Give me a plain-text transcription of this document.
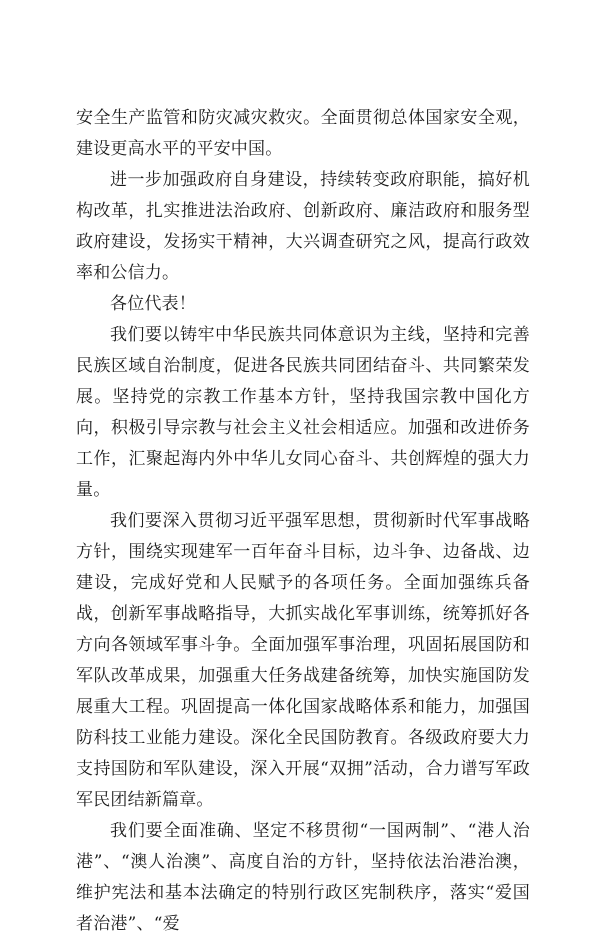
安全生产监管和防灾减灾救灾。全面贯彻总体国家安全观，建设更高水平的平安中国。

进一步加强政府自身建设，持续转变政府职能，搞好机构改革，扎实推进法治政府、创新政府、廉洁政府和服务型政府建设，发扬实干精神，大兴调查研究之风，提高行政效率和公信力。

各位代表！

我们要以铸牢中华民族共同体意识为主线，坚持和完善民族区域自治制度，促进各民族共同团结奋斗、共同繁荣发展。坚持党的宗教工作基本方针，坚持我国宗教中国化方向，积极引导宗教与社会主义社会相适应。加强和改进侨务工作，汇聚起海内外中华儿女同心奋斗、共创辉煌的强大力量。

我们要深入贯彻习近平强军思想，贯彻新时代军事战略方针，围绕实现建军一百年奋斗目标，边斗争、边备战、边建设，完成好党和人民赋予的各项任务。全面加强练兵备战，创新军事战略指导，大抓实战化军事训练，统筹抓好各方向各领域军事斗争。全面加强军事治理，巩固拓展国防和军队改革成果，加强重大任务战建备统筹，加快实施国防发展重大工程。巩固提高一体化国家战略体系和能力，加强国防科技工业能力建设。深化全民国防教育。各级政府要大力支持国防和军队建设，深入开展“双拥”活动，合力谱写军政军民团结新篇章。

我们要全面准确、坚定不移贯彻“一国两制”、“港人治港”、“澳人治澳”、高度自治的方针，坚持依法治港治澳，维护宪法和基本法确定的特别行政区宪制秩序，落实“爱国者治港”、“爱
